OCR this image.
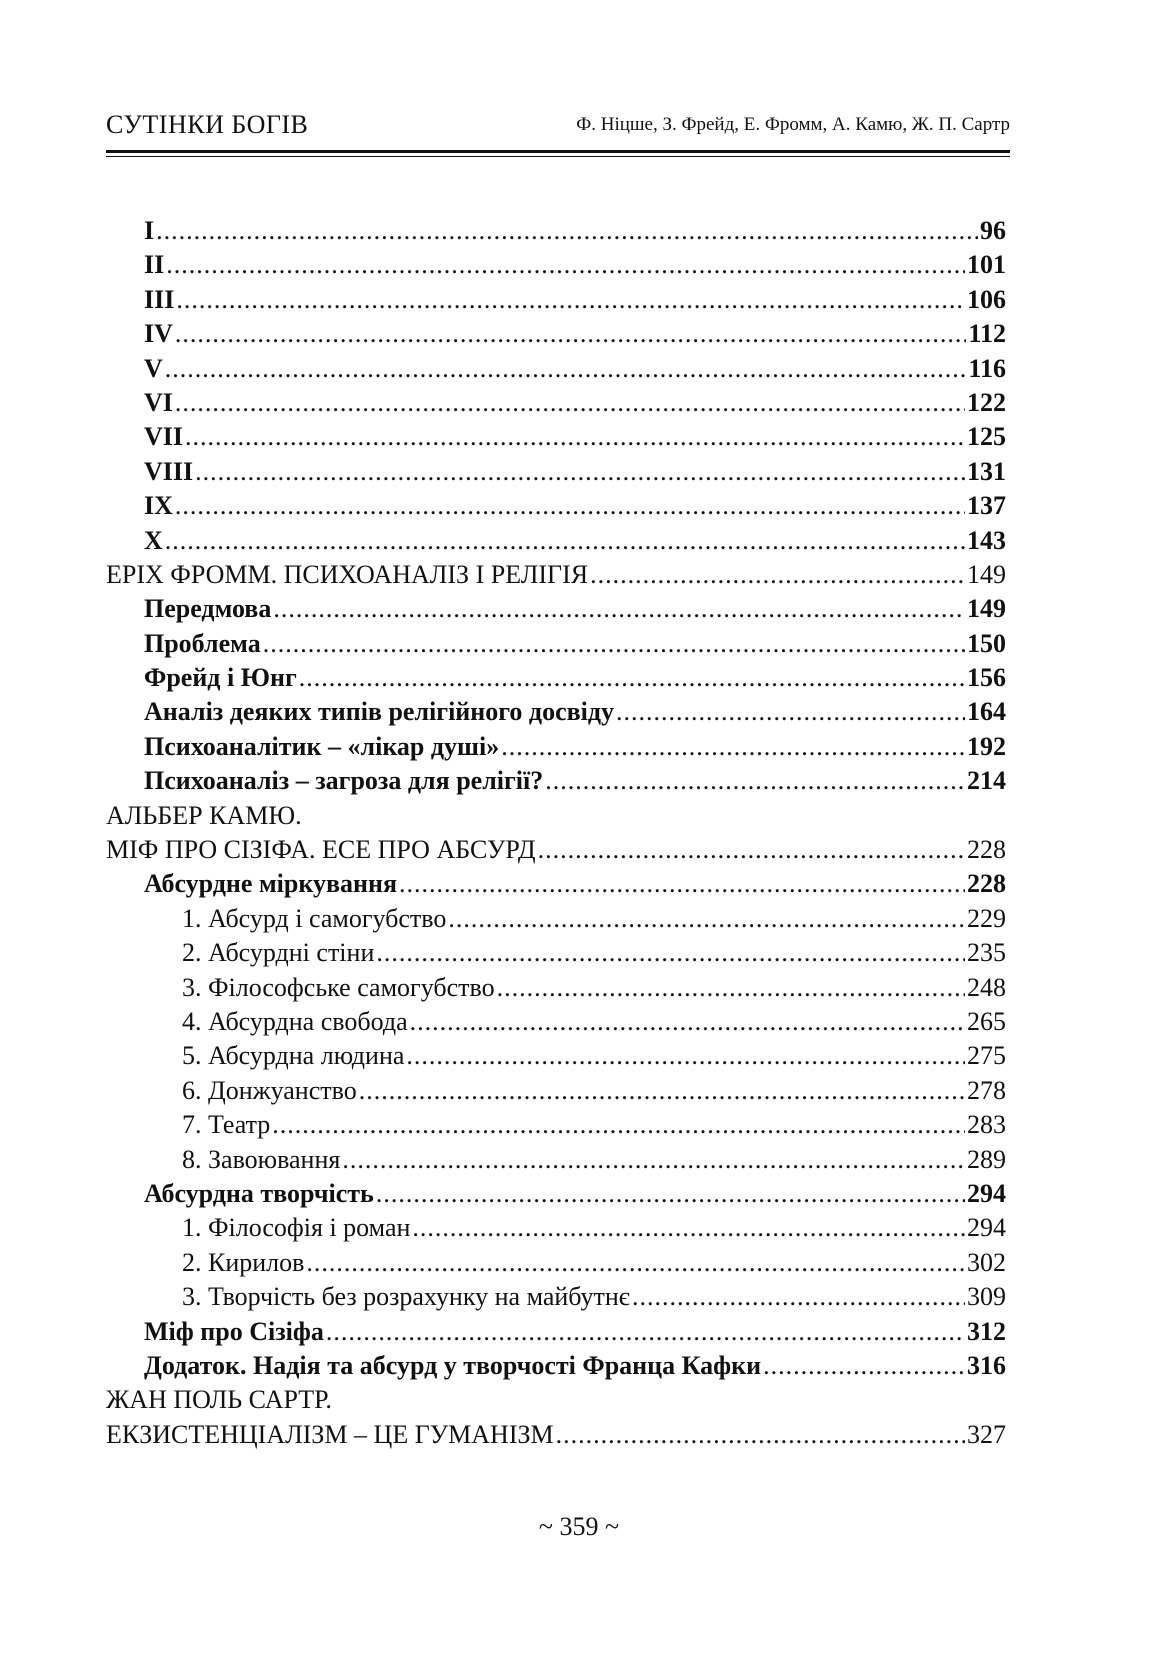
СУТІНКИ БОГІВ	Ф. Ніцше, З. Фрейд, Е. Фромм, А. Камю, Ж. П. Сартр
I .....	96
II .....	101
III .....	106
IV .....	112
V .....	116
VI .....	122
VII .....	125
VIII .....	131
IX .....	137
X .....	143
ЕРІХ ФРОММ. ПСИХОАНАЛІЗ І РЕЛІГІЯ .....	149
Передмова .....	149
Проблема .....	150
Фрейд і Юнг .....	156
Аналіз деяких типів релігійного досвіду .....	164
Психоаналітик – «лікар душі» .....	192
Психоаналіз – загроза для релігії? .....	214
АЛЬБЕР КАМЮ.
МІФ ПРО СІЗІФА. ЕСЕ ПРО АБСУРД .....	228
Абсурдне міркування .....	228
1. Абсурд і самогубство .....	229
2. Абсурдні стіни .....	235
3. Філософське самогубство .....	248
4. Абсурдна свобода .....	265
5. Абсурдна людина .....	275
6. Донжуанство .....	278
7. Театр .....	283
8. Завоювання .....	289
Абсурдна творчість .....	294
1. Філософія і роман .....	294
2. Кирилов .....	302
3. Творчість без розрахунку на майбутнє .....	309
Міф про Сізіфа .....	312
Додаток. Надія та абсурд у творчості Франца Кафки .....	316
ЖАН ПОЛЬ САРТР.
ЕКЗИСТЕНЦІАЛІЗМ – ЦЕ ГУМАНІЗМ .....	327
~ 359 ~
